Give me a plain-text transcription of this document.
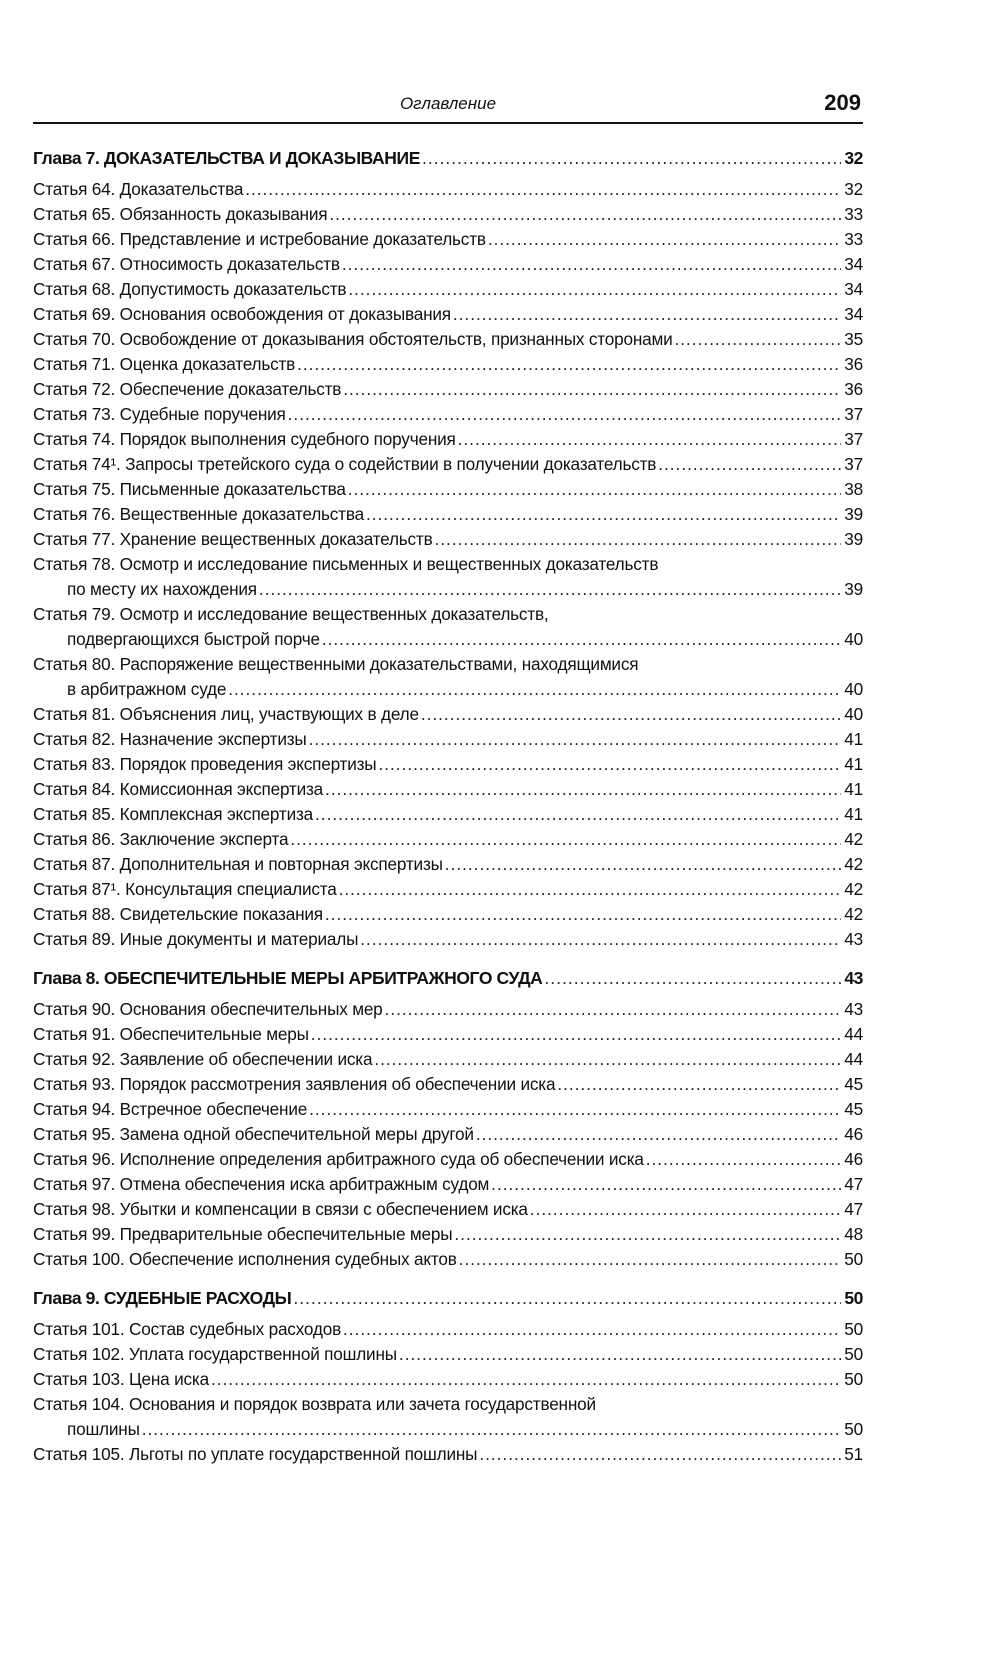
Оглавление	209
Глава 7. ДОКАЗАТЕЛЬСТВА И ДОКАЗЫВАНИЕ .....	32
Статья 64. Доказательства .....	32
Статья 65. Обязанность доказывания .....	33
Статья 66. Представление и истребование доказательств .....	33
Статья 67. Относимость доказательств .....	34
Статья 68. Допустимость доказательств .....	34
Статья 69. Основания освобождения от доказывания .....	34
Статья 70. Освобождение от доказывания обстоятельств, признанных сторонами .....	35
Статья 71. Оценка доказательств .....	36
Статья 72. Обеспечение доказательств .....	36
Статья 73. Судебные поручения .....	37
Статья 74. Порядок выполнения судебного поручения .....	37
Статья 74¹. Запросы третейского суда о содействии в получении доказательств .....	37
Статья 75. Письменные доказательства .....	38
Статья 76. Вещественные доказательства .....	39
Статья 77. Хранение вещественных доказательств .....	39
Статья 78. Осмотр и исследование письменных и вещественных доказательств
по месту их нахождения .....	39
Статья 79. Осмотр и исследование вещественных доказательств,
подвергающихся быстрой порче .....	40
Статья 80. Распоряжение вещественными доказательствами, находящимися
в арбитражном суде .....	40
Статья 81. Объяснения лиц, участвующих в деле .....	40
Статья 82. Назначение экспертизы .....	41
Статья 83. Порядок проведения экспертизы .....	41
Статья 84. Комиссионная экспертиза .....	41
Статья 85. Комплексная экспертиза .....	41
Статья 86. Заключение эксперта .....	42
Статья 87. Дополнительная и повторная экспертизы .....	42
Статья 87¹. Консультация специалиста .....	42
Статья 88. Свидетельские показания .....	42
Статья 89. Иные документы и материалы .....	43
Глава 8. ОБЕСПЕЧИТЕЛЬНЫЕ МЕРЫ АРБИТРАЖНОГО СУДА .....	43
Статья 90. Основания обеспечительных мер .....	43
Статья 91. Обеспечительные меры .....	44
Статья 92. Заявление об обеспечении иска .....	44
Статья 93. Порядок рассмотрения заявления об обеспечении иска .....	45
Статья 94. Встречное обеспечение .....	45
Статья 95. Замена одной обеспечительной меры другой .....	46
Статья 96. Исполнение определения арбитражного суда об обеспечении иска .....	46
Статья 97. Отмена обеспечения иска арбитражным судом .....	47
Статья 98. Убытки и компенсации в связи с обеспечением иска .....	47
Статья 99. Предварительные обеспечительные меры .....	48
Статья 100. Обеспечение исполнения судебных актов .....	50
Глава 9. СУДЕБНЫЕ РАСХОДЫ .....	50
Статья 101. Состав судебных расходов .....	50
Статья 102. Уплата государственной пошлины .....	50
Статья 103. Цена иска .....	50
Статья 104. Основания и порядок возврата или зачета государственной
пошлины .....	50
Статья 105. Льготы по уплате государственной пошлины .....	51
